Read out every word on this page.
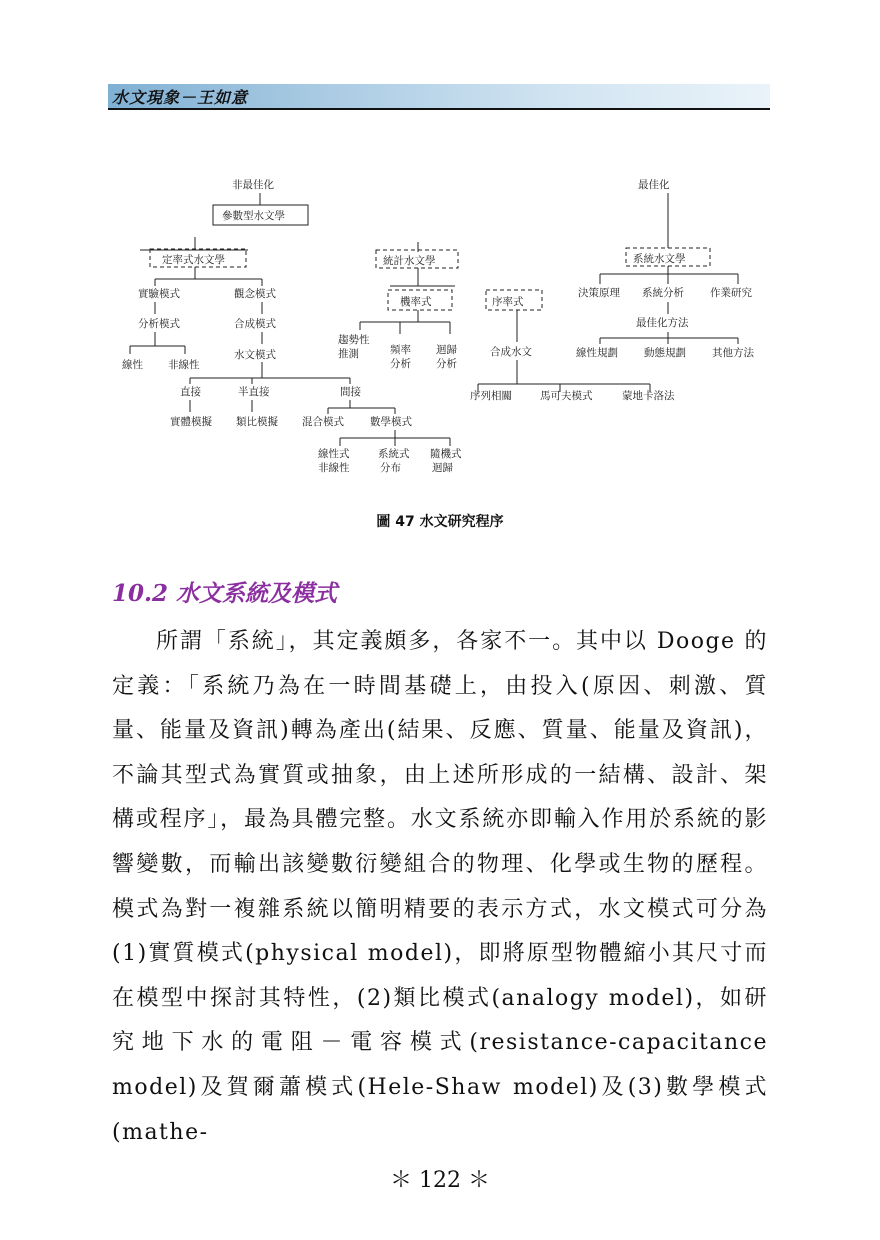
水文現象－王如意
非最佳化
參數型水文學
定率式水文學
實驗模式	觀念模式
分析模式	合成模式
水文模式
線性 非線性
直接	半直接	間接
實體模擬 類比模擬 混合模式 數學模式
線性式非線性
系統式分布
隨機式迴歸
統計水文學
機率式
趨勢性推測	頻率分析
迴歸分析
序率式
合成水文
序列相關	馬可夫模式	蒙地卡洛法
最佳化
系統水文學
決策原理 系統分析 作業研究
最佳化方法
線性規劃 動態規劃 其他方法
圖 47 水文研究程序
10.2 水文系統及模式

所謂「系統」，其定義頗多，各家不一。其中以 Dooge 的定義：「系統乃為在一時間基礎上，由投入(原因、刺激、質量、能量及資訊)轉為產出(結果、反應、質量、能量及資訊)，不論其型式為實質或抽象，由上述所形成的一結構、設計、架構或程序」，最為具體完整。水文系統亦即輸入作用於系統的影響變數，而輸出該變數衍變組合的物理、化學或生物的歷程。模式為對一複雜系統以簡明精要的表示方式，水文模式可分為(1)實質模式(physical model)，即將原型物體縮小其尺寸而在模型中探討其特性，(2)類比模式(analogy model)，如研究地下水的電阻－電容模式(resistance-capacitance model)及賀爾蕭模式(Hele-Shaw model)及(3)數學模式(mathe-

＊ 122 ＊
